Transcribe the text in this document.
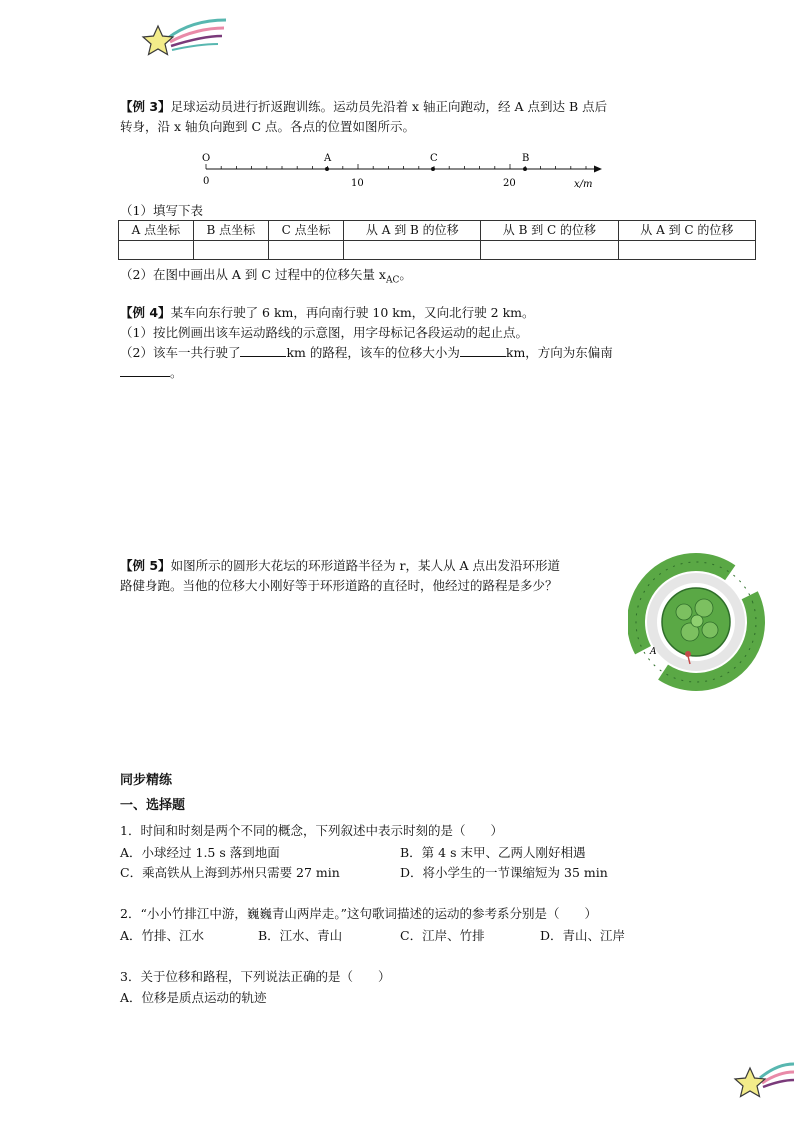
【例 3】足球运动员进行折返跑训练。运动员先沿着 x 轴正向跑动，经 A 点到达 B 点后
转身，沿 x 轴负向跑到 C 点。各点的位置如图所示。
O	A	C	B
0	10	20	x/m
（1）填写下表
A 点坐标	B 点坐标	C 点坐标	从 A 到 B 的位移	从 B 到 C 的位移	从 A 到 C 的位移

（2）在图中画出从 A 到 C 过程中的位移矢量 $x_{AC}$。
【例 4】某车向东行驶了 6 km，再向南行驶 10 km，又向北行驶 2 km。
（1）按比例画出该车运动路线的示意图，用字母标记各段运动的起止点。
（2）该车一共行驶了	km 的路程，该车的位移大小为	km，方向为东偏南
。
【例 5】如图所示的圆形大花坛的环形道路半径为 r，某人从 A 点出发沿环形道
路健身跑。当他的位移大小刚好等于环形道路的直径时，他经过的路程是多少？
A
同步精练
一、选择题
1．时间和时刻是两个不同的概念，下列叙述中表示时刻的是（　　）
A．小球经过 1.5 s 落到地面	B．第 4 s 末甲、乙两人刚好相遇
C．乘高铁从上海到苏州只需要 27 min	D．将小学生的一节课缩短为 35 min
2．“小小竹排江中游，巍巍青山两岸走。”这句歌词描述的运动的参考系分别是（　　）
A．竹排、江水	B．江水、青山	C．江岸、竹排	D．青山、江岸
3．关于位移和路程，下列说法正确的是（　　）
A．位移是质点运动的轨迹
